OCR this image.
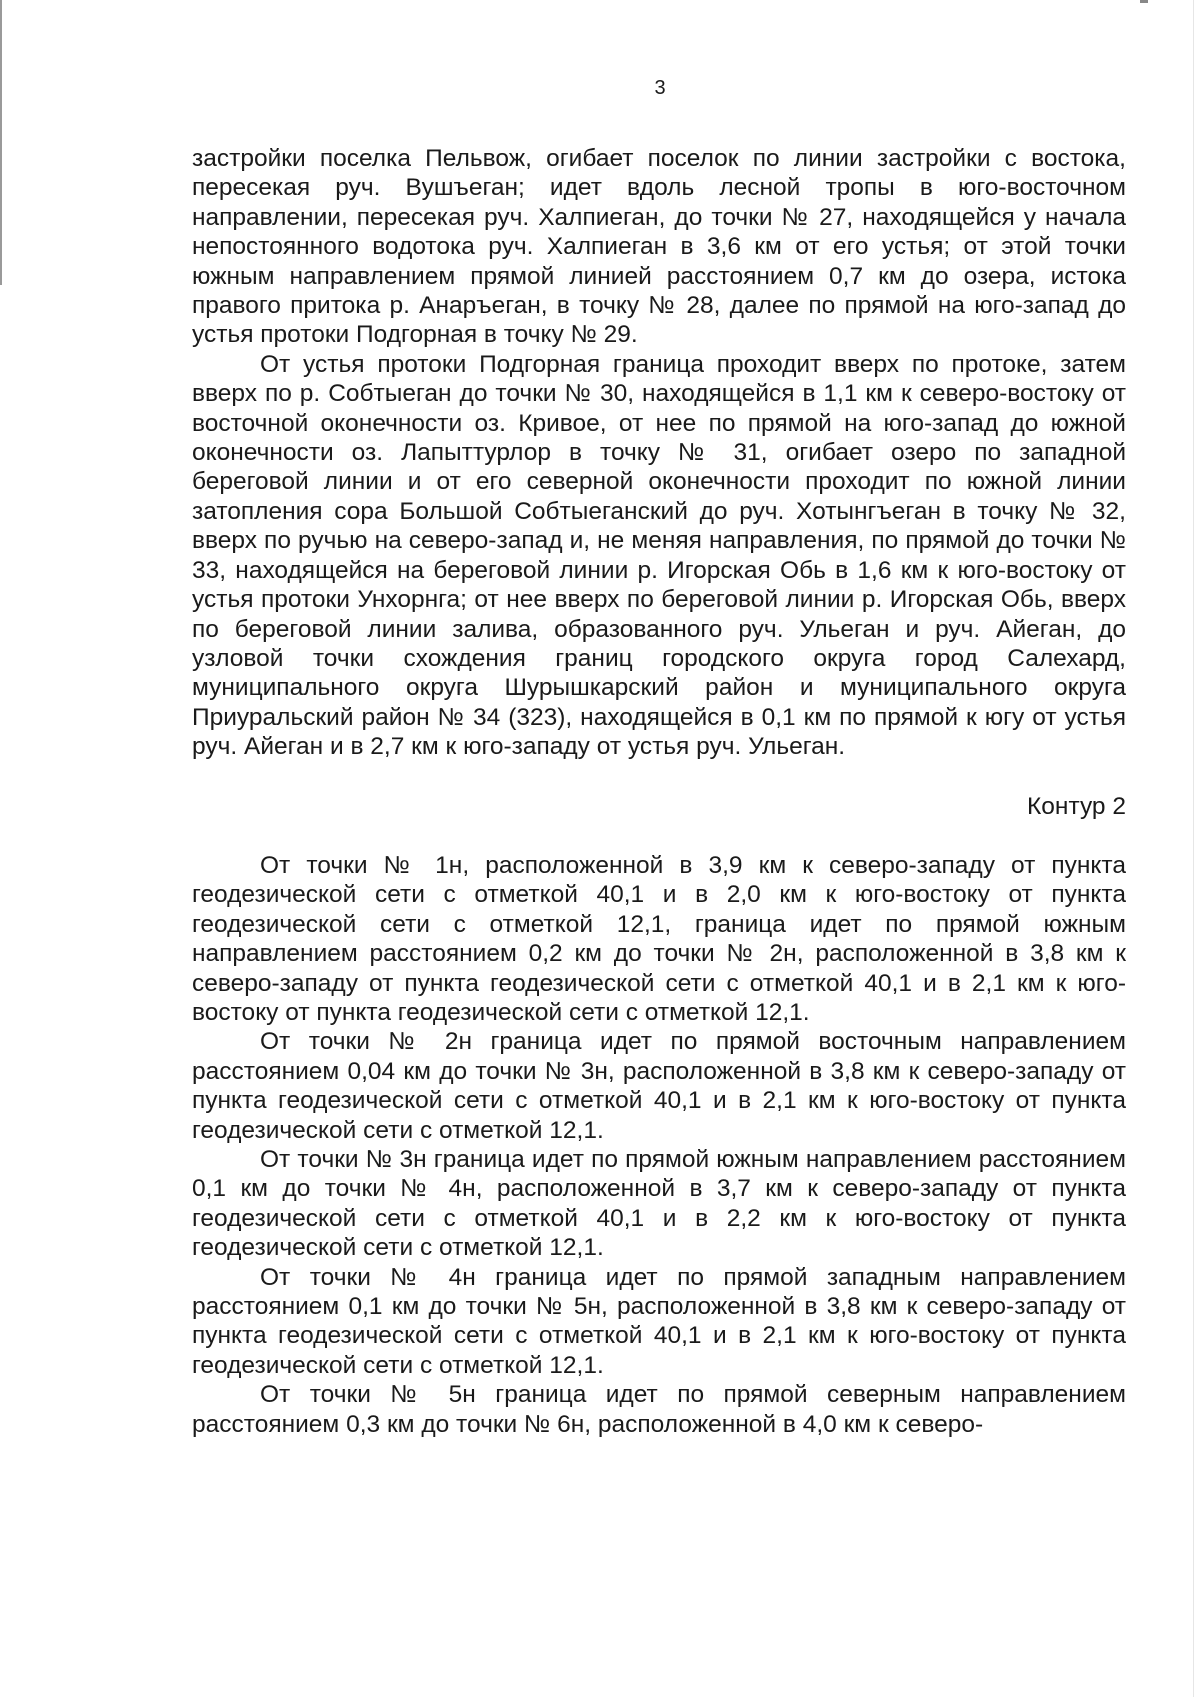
3

застройки поселка Пельвож, огибает поселок по линии застройки с востока, пересекая руч. Вушъеган; идет вдоль лесной тропы в юго-восточном направлении, пересекая руч. Халпиеган, до точки № 27, находящейся у начала непостоянного водотока руч. Халпиеган в 3,6 км от его устья; от этой точки южным направлением прямой линией расстоянием 0,7 км до озера, истока правого притока р. Анаръеган, в точку № 28, далее по прямой на юго-запад до устья протоки Подгорная в точку № 29.

От устья протоки Подгорная граница проходит вверх по протоке, затем вверх по р. Собтыеган до точки № 30, находящейся в 1,1 км к северо-востоку от восточной оконечности оз. Кривое, от нее по прямой на юго-запад до южной оконечности оз. Лапыттурлор в точку № 31, огибает озеро по западной береговой линии и от его северной оконечности проходит по южной линии затопления сора Большой Собтыеганский до руч. Хотынгъеган в точку № 32, вверх по ручью на северо-запад и, не меняя направления, по прямой до точки № 33, находящейся на береговой линии р. Игорская Обь в 1,6 км к юго-востоку от устья протоки Унхорнга; от нее вверх по береговой линии р. Игорская Обь, вверх по береговой линии залива, образованного руч. Ульеган и руч. Айеган, до узловой точки схождения границ городского округа город Салехард, муниципального округа Шурышкарский район и муниципального округа Приуральский район № 34 (323), находящейся в 0,1 км по прямой к югу от устья руч. Айеган и в 2,7 км к юго-западу от устья руч. Ульеган.

Контур 2

От точки № 1н, расположенной в 3,9 км к северо-западу от пункта геодезической сети с отметкой 40,1 и в 2,0 км к юго-востоку от пункта геодезической сети с отметкой 12,1, граница идет по прямой южным направлением расстоянием 0,2 км до точки № 2н, расположенной в 3,8 км к северо-западу от пункта геодезической сети с отметкой 40,1 и в 2,1 км к юго-востоку от пункта геодезической сети с отметкой 12,1.

От точки № 2н граница идет по прямой восточным направлением расстоянием 0,04 км до точки № 3н, расположенной в 3,8 км к северо-западу от пункта геодезической сети с отметкой 40,1 и в 2,1 км к юго-востоку от пункта геодезической сети с отметкой 12,1.

От точки № 3н граница идет по прямой южным направлением расстоянием 0,1 км до точки № 4н, расположенной в 3,7 км к северо-западу от пункта геодезической сети с отметкой 40,1 и в 2,2 км к юго-востоку от пункта геодезической сети с отметкой 12,1.

От точки № 4н граница идет по прямой западным направлением расстоянием 0,1 км до точки № 5н, расположенной в 3,8 км к северо-западу от пункта геодезической сети с отметкой 40,1 и в 2,1 км к юго-востоку от пункта геодезической сети с отметкой 12,1.

От точки № 5н граница идет по прямой северным направлением расстоянием 0,3 км до точки № 6н, расположенной в 4,0 км к северо-
